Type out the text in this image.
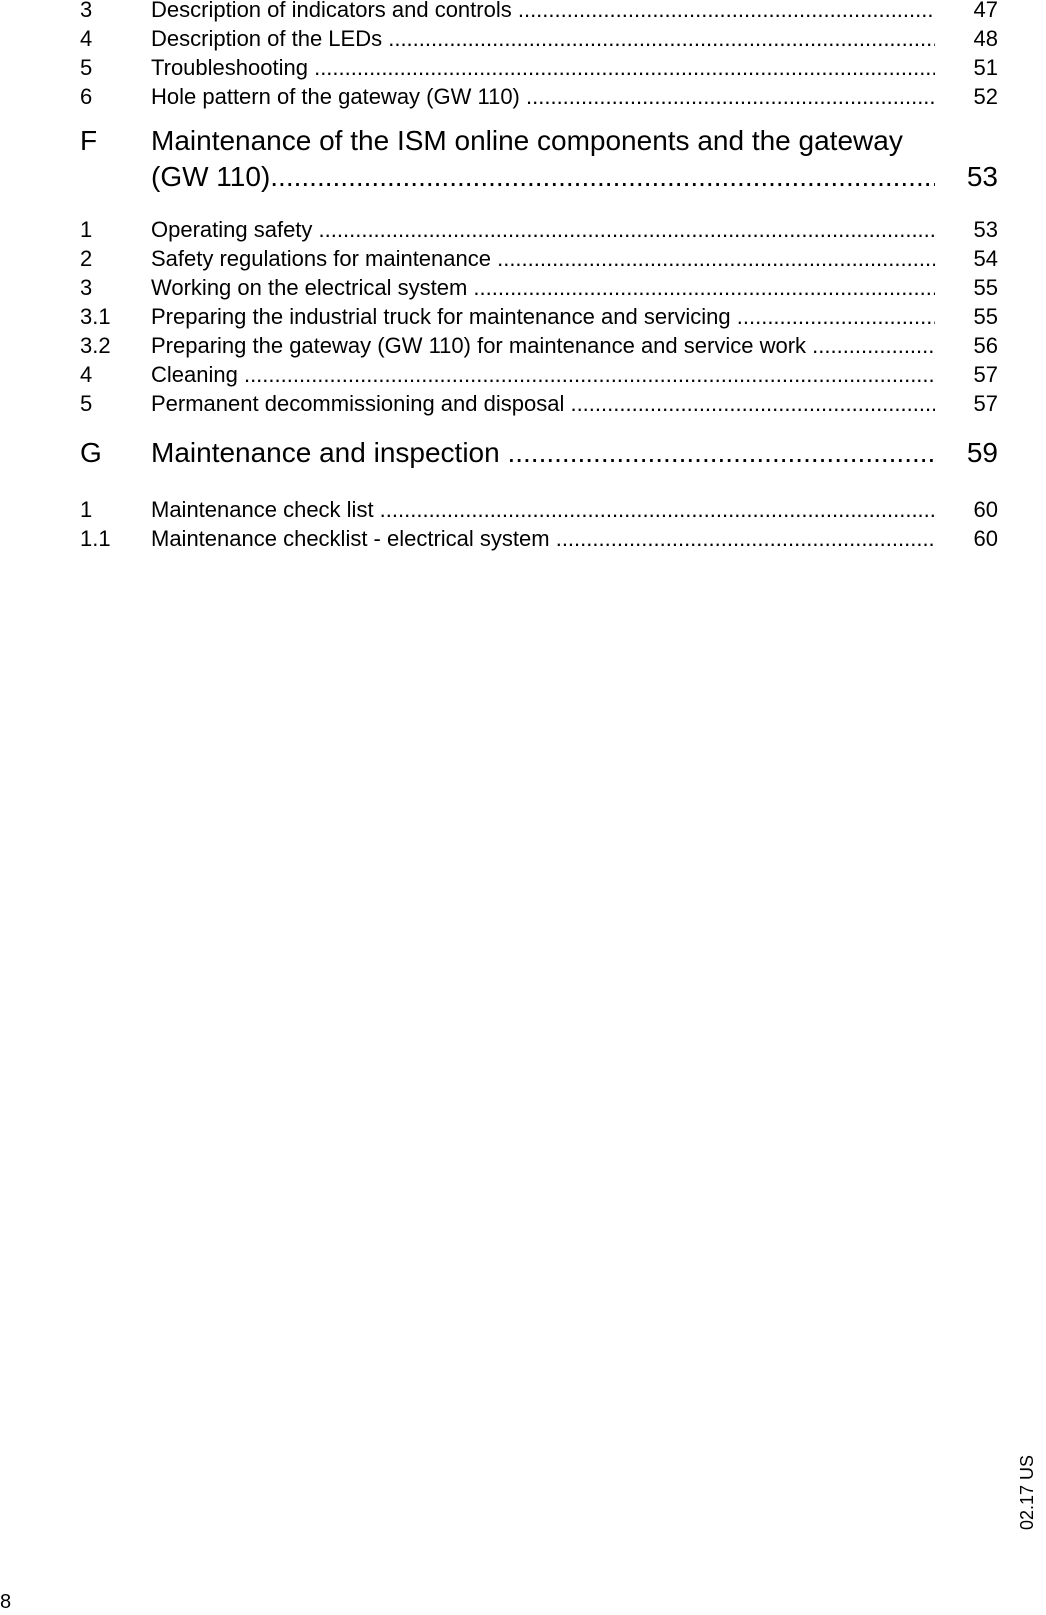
3	Description of indicators and controls .....	47
4	Description of the LEDs .....	48
5	Troubleshooting .....	51
6	Hole pattern of the gateway (GW 110) .....	52
F Maintenance of the ISM online components and the gateway
(GW 110) .....	53
1	Operating safety .....	53
2	Safety regulations for maintenance .....	54
3	Working on the electrical system .....	55
3.1 Preparing the industrial truck for maintenance and servicing .....	55
3.2 Preparing the gateway (GW 110) for maintenance and service work .....	56
4	Cleaning .....	57
5	Permanent decommissioning and disposal .....	57
G Maintenance and inspection .....	59
1	Maintenance check list .....	60
1.1 Maintenance checklist - electrical system .....	60
02.17 US
8
